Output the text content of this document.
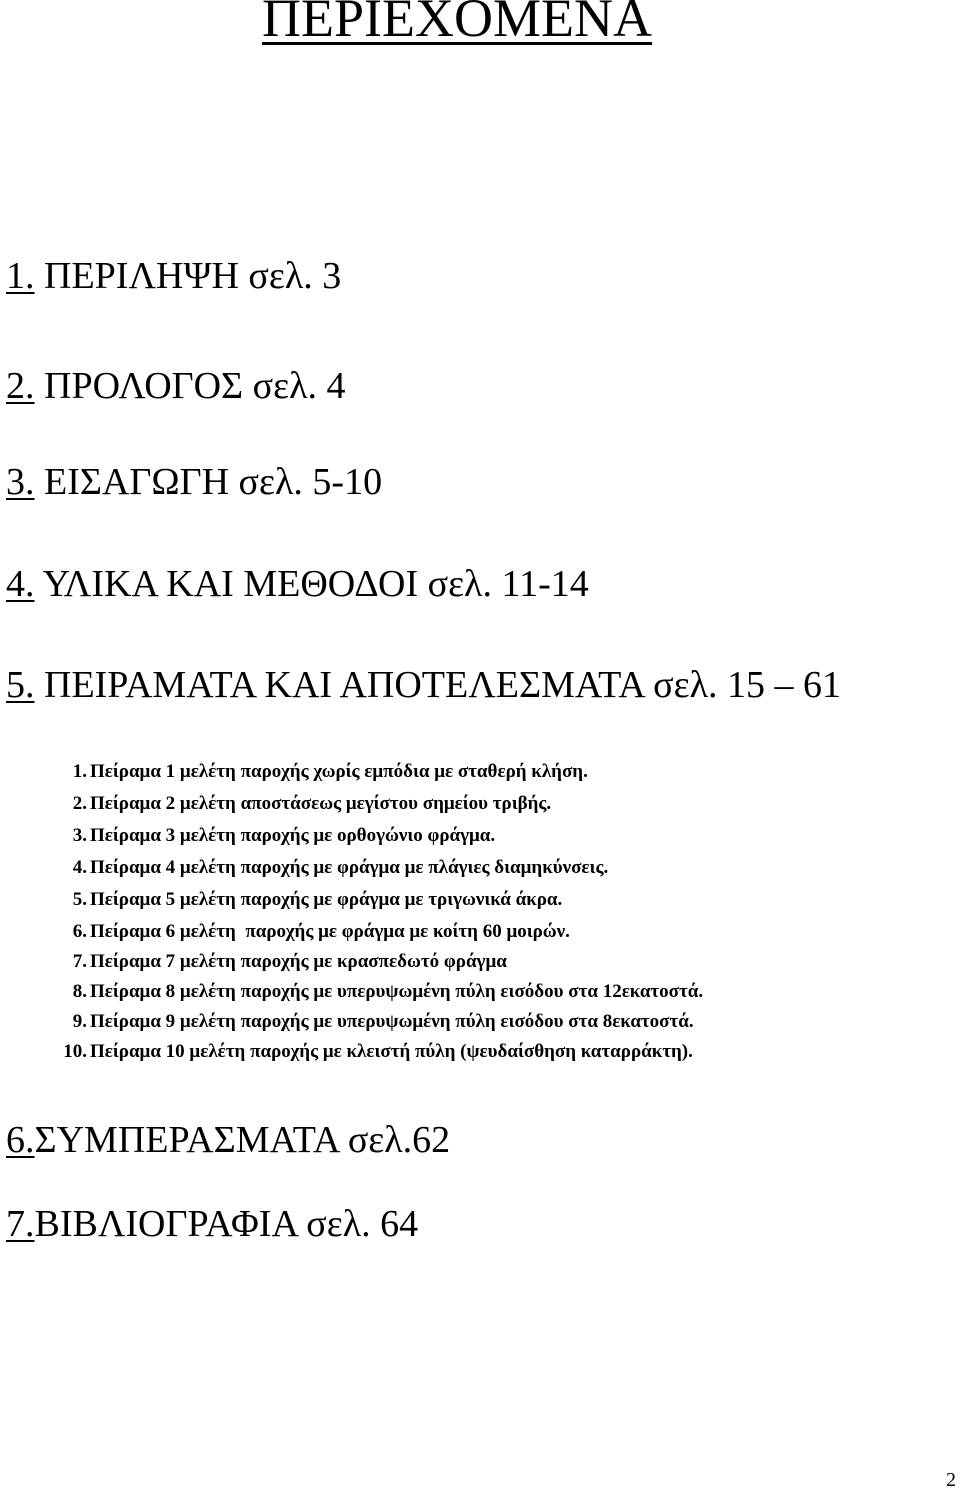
ΠΕΡΙΕΧΟΜΕΝΑ
1. ΠΕΡΙΛΗΨΗ σελ. 3
2. ΠΡΟΛΟΓΟΣ σελ. 4
3. ΕΙΣΑΓΩΓΗ σελ. 5-10
4. ΥΛΙΚΑ ΚΑΙ ΜΕΘΟΔΟΙ σελ. 11-14
5. ΠΕΙΡΑΜΑΤΑ ΚΑΙ ΑΠΟΤΕΛΕΣΜΑΤΑ σελ. 15 – 61
1. Πείραμα 1 μελέτη παροχής χωρίς εμπόδια με σταθερή κλήση.
2. Πείραμα 2 μελέτη αποστάσεως μεγίστου σημείου τριβής.
3. Πείραμα 3 μελέτη παροχής με ορθογώνιο φράγμα.
4. Πείραμα 4 μελέτη παροχής με φράγμα με πλάγιες διαμηκύνσεις.
5. Πείραμα 5 μελέτη παροχής με φράγμα με τριγωνικά άκρα.
6. Πείραμα 6 μελέτη  παροχής με φράγμα με κοίτη 60 μοιρών.
7. Πείραμα 7 μελέτη παροχής με κρασπεδωτό φράγμα
8. Πείραμα 8 μελέτη παροχής με υπερυψωμένη πύλη εισόδου στα 12εκατοστά.
9. Πείραμα 9 μελέτη παροχής με υπερυψωμένη πύλη εισόδου στα 8εκατοστά.
10. Πείραμα 10 μελέτη παροχής με κλειστή πύλη (ψευδαίσθηση καταρράκτη).
6.ΣΥΜΠΕΡΑΣΜΑΤΑ σελ.62
7.ΒΙΒΛΙΟΓΡΑΦΙΑ σελ. 64
2
